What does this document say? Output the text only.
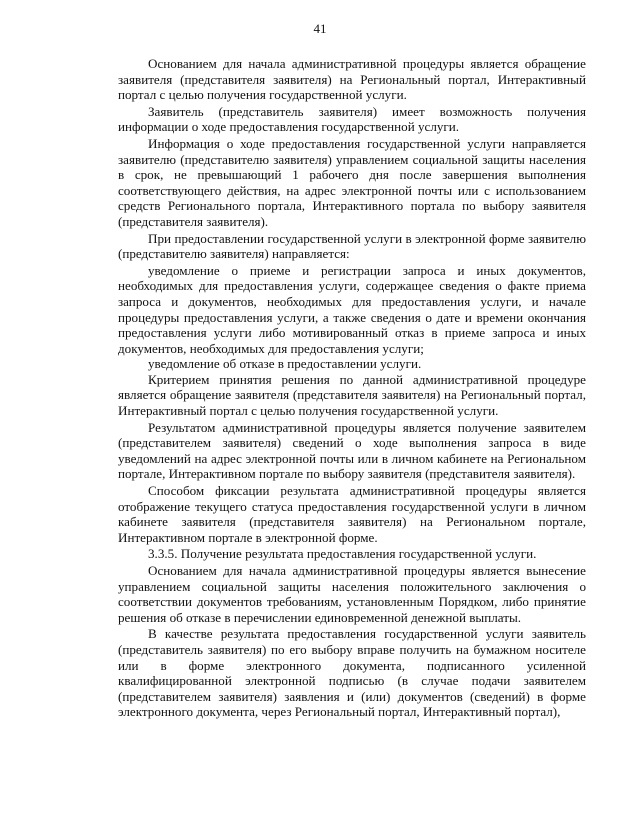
41

Основанием для начала административной процедуры является обращение заявителя (представителя заявителя) на Региональный портал, Интерактивный портал с целью получения государственной услуги.

Заявитель (представитель заявителя) имеет возможность получения информации о ходе предоставления государственной услуги.

Информация о ходе предоставления государственной услуги направляется заявителю (представителю заявителя) управлением социальной защиты населения в срок, не превышающий 1 рабочего дня после завершения выполнения соответствующего действия, на адрес электронной почты или с использованием средств Регионального портала, Интерактивного портала по выбору заявителя (представителя заявителя).

При предоставлении государственной услуги в электронной форме заявителю (представителю заявителя) направляется:

уведомление о приеме и регистрации запроса и иных документов, необходимых для предоставления услуги, содержащее сведения о факте приема запроса и документов, необходимых для предоставления услуги, и начале процедуры предоставления услуги, а также сведения о дате и времени окончания предоставления услуги либо мотивированный отказ в приеме запроса и иных документов, необходимых для предоставления услуги;

уведомление об отказе в предоставлении услуги.

Критерием принятия решения по данной административной процедуре является обращение заявителя (представителя заявителя) на Региональный портал, Интерактивный портал с целью получения государственной услуги.

Результатом административной процедуры является получение заявителем (представителем заявителя) сведений о ходе выполнения запроса в виде уведомлений на адрес электронной почты или в личном кабинете на Региональном портале, Интерактивном портале по выбору заявителя (представителя заявителя).

Способом фиксации результата административной процедуры является отображение текущего статуса предоставления государственной услуги в личном кабинете заявителя (представителя заявителя) на Региональном портале, Интерактивном портале в электронной форме.

3.3.5. Получение результата предоставления государственной услуги.

Основанием для начала административной процедуры является вынесение управлением социальной защиты населения положительного заключения о соответствии документов требованиям, установленным Порядком, либо принятие решения об отказе в перечислении единовременной денежной выплаты.

В качестве результата предоставления государственной услуги заявитель (представитель заявителя) по его выбору вправе получить на бумажном носителе или в форме электронного документа, подписанного усиленной квалифицированной электронной подписью (в случае подачи заявителем (представителем заявителя) заявления и (или) документов (сведений) в форме электронного документа, через Региональный портал, Интерактивный портал),
